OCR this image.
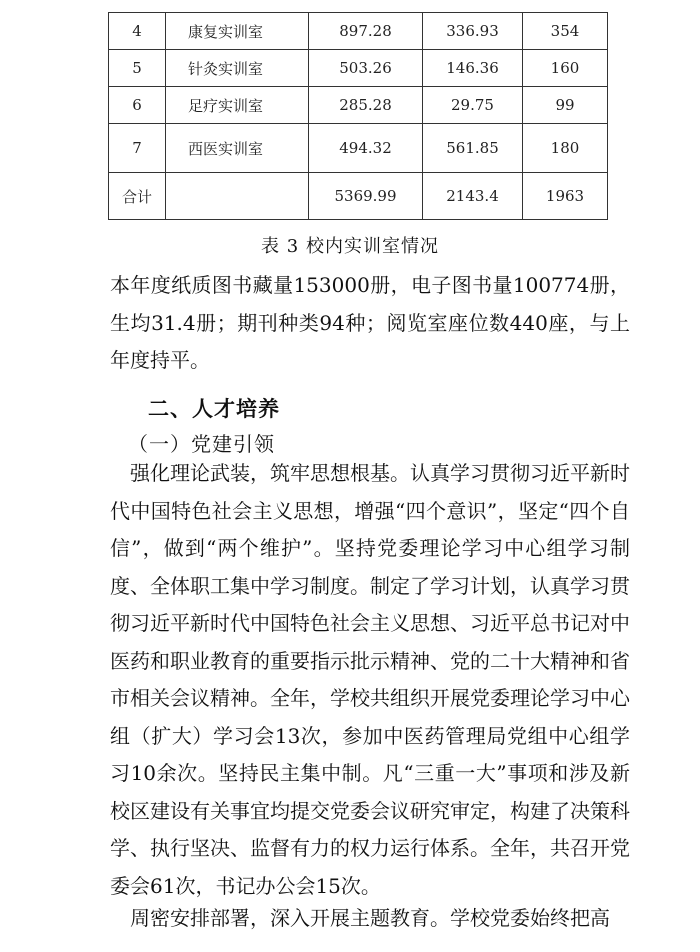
4	康复实训室	897.28	336.93	354
5	针灸实训室	503.26	146.36	160
6	足疗实训室	285.28	29.75	99
7	西医实训室	494.32	561.85	180
合计		5369.99	2143.4	1963
表 3 校内实训室情况

本年度纸质图书藏量153000册，电子图书量100774册，生均31.4册；期刊种类94种；阅览室座位数440座，与上年度持平。

二、人才培养
（一）党建引领

强化理论武装，筑牢思想根基。认真学习贯彻习近平新时代中国特色社会主义思想，增强“四个意识”，坚定“四个自信”，做到“两个维护”。坚持党委理论学习中心组学习制度、全体职工集中学习制度。制定了学习计划，认真学习贯彻习近平新时代中国特色社会主义思想、习近平总书记对中医药和职业教育的重要指示批示精神、党的二十大精神和省市相关会议精神。全年，学校共组织开展党委理论学习中心组（扩大）学习会13次，参加中医药管理局党组中心组学习10余次。坚持民主集中制。凡“三重一大”事项和涉及新校区建设有关事宜均提交党委会议研究审定，构建了决策科学、执行坚决、监督有力的权力运行体系。全年，共召开党委会61次，书记办公会15次。

周密安排部署，深入开展主题教育。学校党委始终把高
